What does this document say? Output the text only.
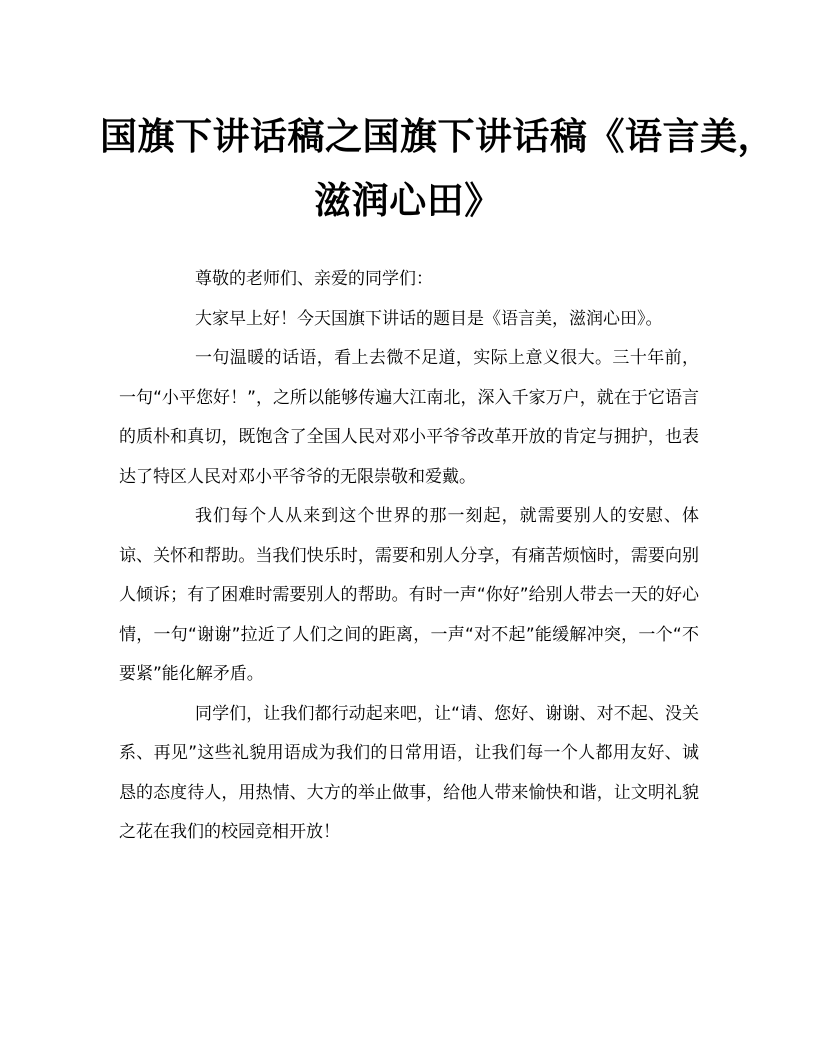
国旗下讲话稿之国旗下讲话稿《语言美，
滋润心田》

尊敬的老师们、亲爱的同学们：

大家早上好！今天国旗下讲话的题目是《语言美，滋润心田》。

一句温暖的话语，看上去微不足道，实际上意义很大。三十年前，一句“小平您好！”，之所以能够传遍大江南北，深入千家万户，就在于它语言的质朴和真切，既饱含了全国人民对邓小平爷爷改革开放的肯定与拥护，也表达了特区人民对邓小平爷爷的无限崇敬和爱戴。

我们每个人从来到这个世界的那一刻起，就需要别人的安慰、体谅、关怀和帮助。当我们快乐时，需要和别人分享，有痛苦烦恼时，需要向别人倾诉；有了困难时需要别人的帮助。有时一声“你好”给别人带去一天的好心情，一句“谢谢”拉近了人们之间的距离，一声“对不起”能缓解冲突，一个“不要紧”能化解矛盾。

同学们，让我们都行动起来吧，让“请、您好、谢谢、对不起、没关系、再见”这些礼貌用语成为我们的日常用语，让我们每一个人都用友好、诚恳的态度待人，用热情、大方的举止做事，给他人带来愉快和谐，让文明礼貌之花在我们的校园竞相开放！
